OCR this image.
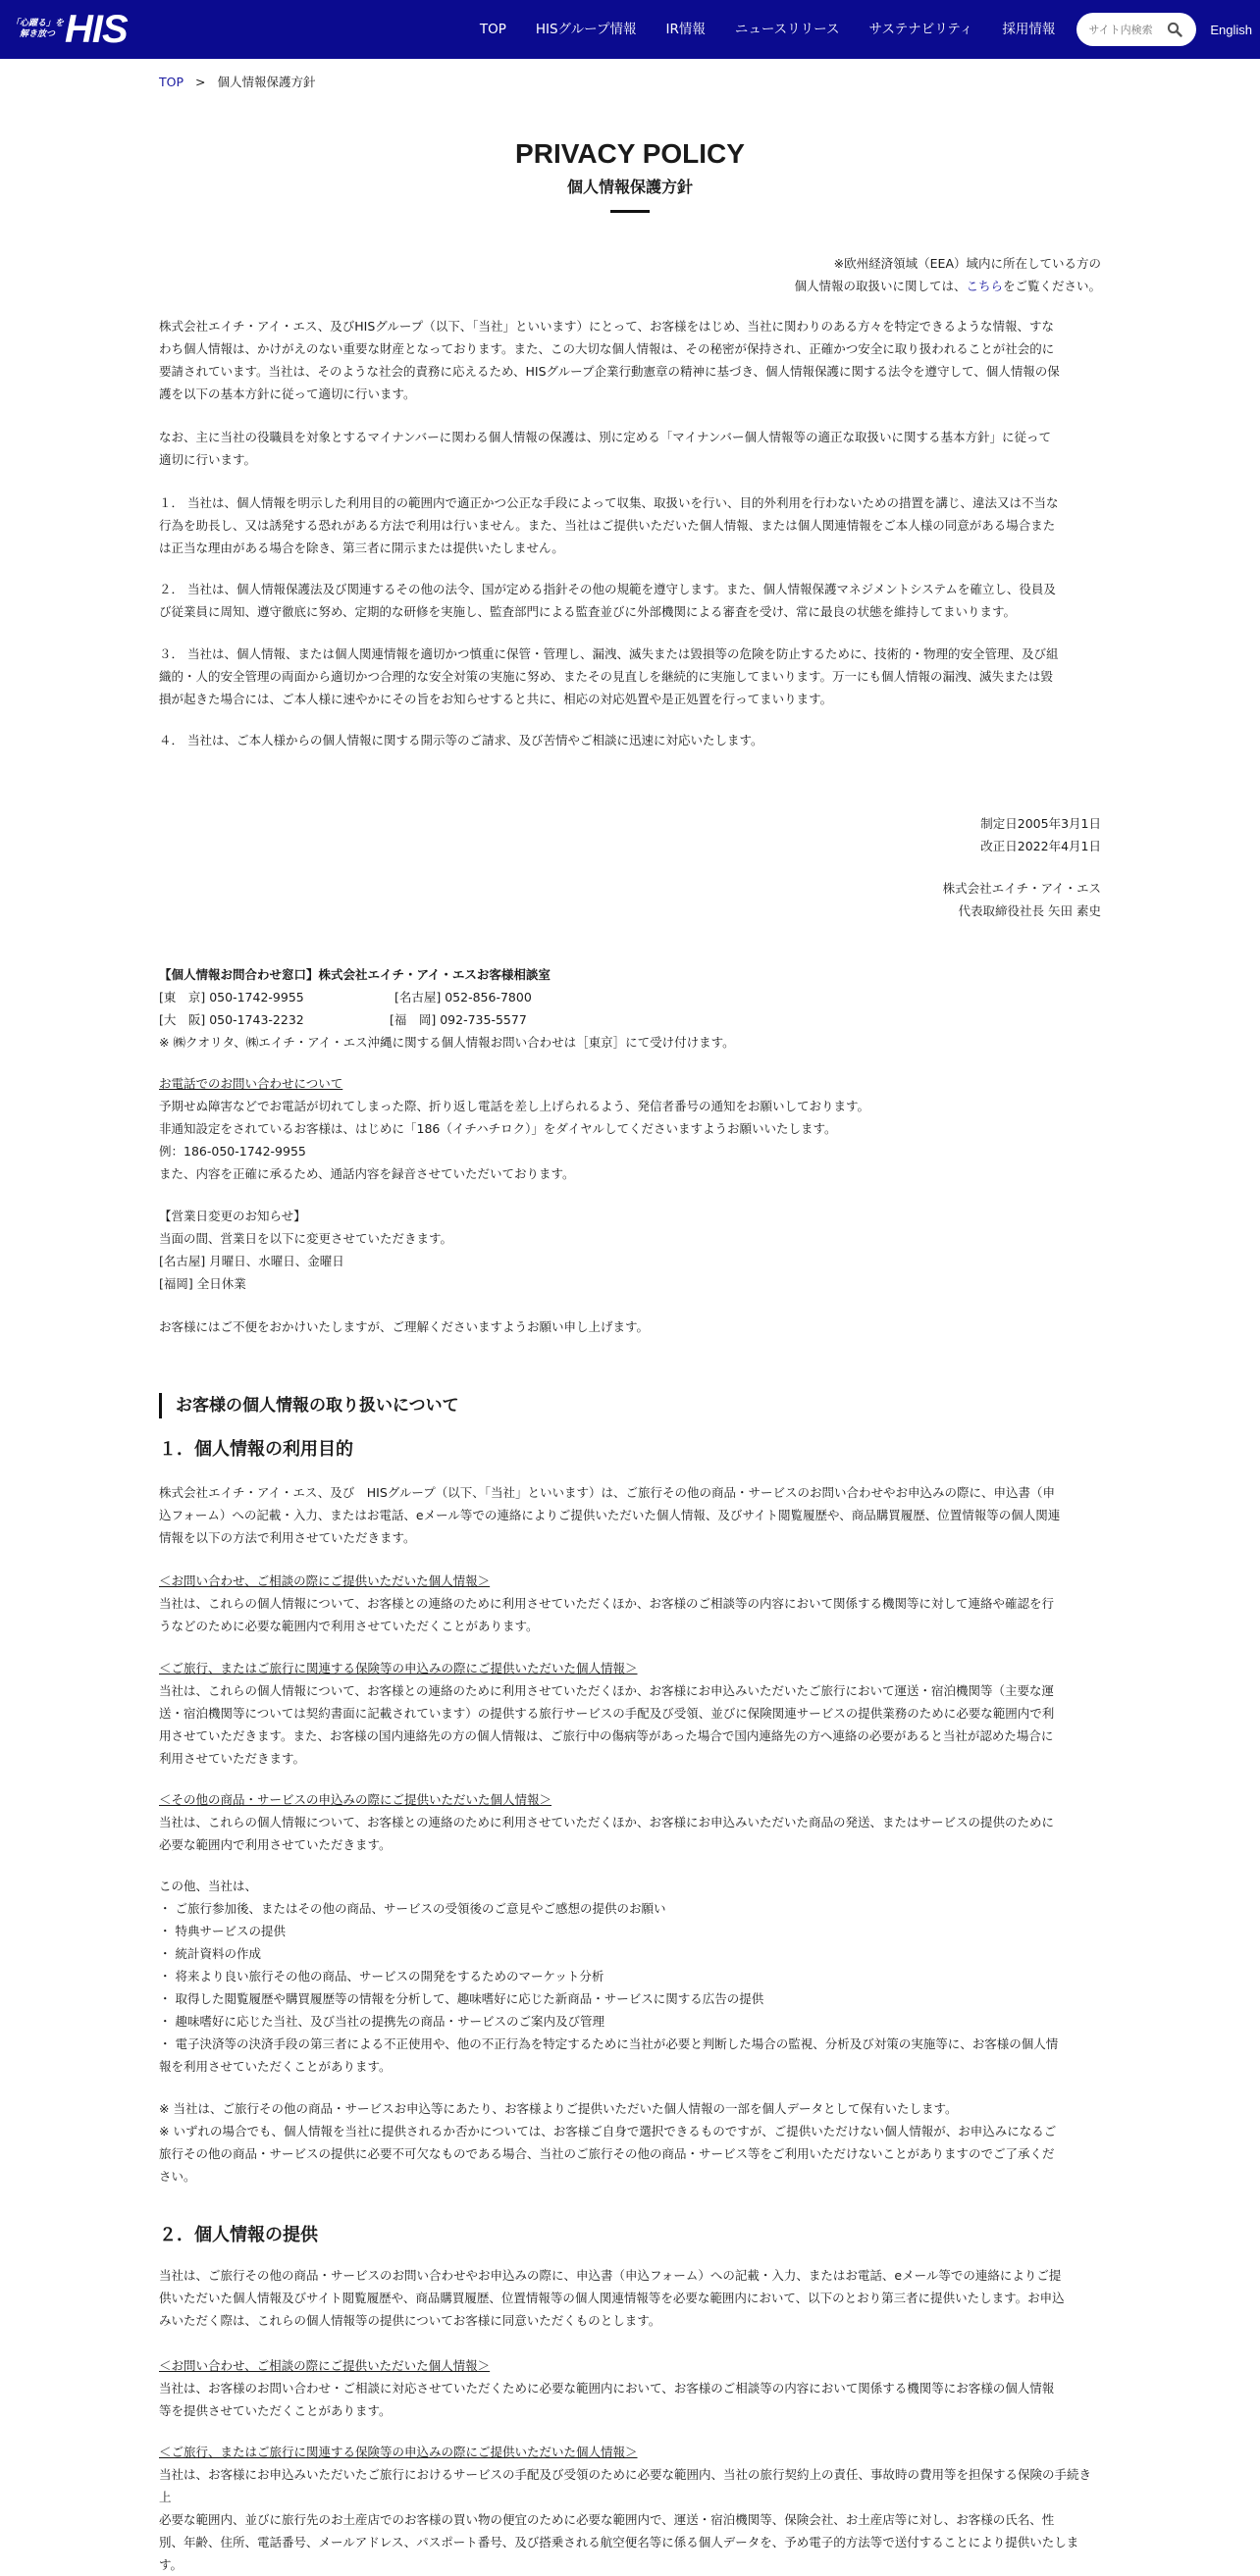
「心躍る」を
解き放つ HIS	TOP HISグループ情報 IR情報 ニュースリリース サステナビリティ 採用情報
サイト内検索	English
TOP > 個人情報保護方針
PRIVACY POLICY
個人情報保護方針
※欧州経済領域（EEA）域内に所在している方の
個人情報の取扱いに関しては、こちらをご覧ください。
株式会社エイチ・アイ・エス、及びHISグループ（以下、「当社」といいます）にとって、お客様をはじめ、当社に関わりのある方々を特定できるような情報、すな
わち個人情報は、かけがえのない重要な財産となっております。また、この大切な個人情報は、その秘密が保持され、正確かつ安全に取り扱われることが社会的に
要請されています。当社は、そのような社会的責務に応えるため、HISグループ企業行動憲章の精神に基づき、個人情報保護に関する法令を遵守して、個人情報の保
護を以下の基本方針に従って適切に行います。
なお、主に当社の役職員を対象とするマイナンバーに関わる個人情報の保護は、別に定める「マイナンバー個人情報等の適正な取扱いに関する基本方針」に従って
適切に行います。
１． 当社は、個人情報を明示した利用目的の範囲内で適正かつ公正な手段によって収集、取扱いを行い、目的外利用を行わないための措置を講じ、違法又は不当な
行為を助長し、又は誘発する恐れがある方法で利用は行いません。また、当社はご提供いただいた個人情報、または個人関連情報をご本人様の同意がある場合また
は正当な理由がある場合を除き、第三者に開示または提供いたしません。
２． 当社は、個人情報保護法及び関連するその他の法令、国が定める指針その他の規範を遵守します。また、個人情報保護マネジメントシステムを確立し、役員及
び従業員に周知、遵守徹底に努め、定期的な研修を実施し、監査部門による監査並びに外部機関による審査を受け、常に最良の状態を維持してまいります。
３． 当社は、個人情報、または個人関連情報を適切かつ慎重に保管・管理し、漏洩、滅失または毀損等の危険を防止するために、技術的・物理的安全管理、及び組
織的・人的安全管理の両面から適切かつ合理的な安全対策の実施に努め、またその見直しを継続的に実施してまいります。万一にも個人情報の漏洩、滅失または毀
損が起きた場合には、ご本人様に速やかにその旨をお知らせすると共に、相応の対応処置や是正処置を行ってまいります。
４． 当社は、ご本人様からの個人情報に関する開示等のご請求、及び苦情やご相談に迅速に対応いたします。
制定日2005年3月1日
改正日2022年4月1日
株式会社エイチ・アイ・エス
代表取締役社長 矢田 素史
【個人情報お問合わせ窓口】株式会社エイチ・アイ・エスお客様相談室
[東　京] 050-1742-9955	[名古屋] 052-856-7800
[大　阪] 050-1743-2232	[福　岡] 092-735-5577
※ ㈱クオリタ、㈱エイチ・アイ・エス沖縄に関する個人情報お問い合わせは［東京］にて受け付けます。
お電話でのお問い合わせについて
予期せぬ障害などでお電話が切れてしまった際、折り返し電話を差し上げられるよう、発信者番号の通知をお願いしております。
非通知設定をされているお客様は、はじめに「186（イチハチロク）」をダイヤルしてくださいますようお願いいたします。
例：186-050-1742-9955
また、内容を正確に承るため、通話内容を録音させていただいております。
【営業日変更のお知らせ】
当面の間、営業日を以下に変更させていただきます。
[名古屋] 月曜日、水曜日、金曜日
[福岡] 全日休業
お客様にはご不便をおかけいたしますが、ご理解くださいますようお願い申し上げます。
お客様の個人情報の取り扱いについて
１．個人情報の利用目的
株式会社エイチ・アイ・エス、及び　HISグループ（以下、「当社」といいます）は、ご旅行その他の商品・サービスのお問い合わせやお申込みの際に、申込書（申
込フォーム）への記載・入力、またはお電話、eメール等での連絡によりご提供いただいた個人情報、及びサイト閲覧履歴や、商品購買履歴、位置情報等の個人関連
情報を以下の方法で利用させていただきます。
＜お問い合わせ、ご相談の際にご提供いただいた個人情報＞
当社は、これらの個人情報について、お客様との連絡のために利用させていただくほか、お客様のご相談等の内容において関係する機関等に対して連絡や確認を行
うなどのために必要な範囲内で利用させていただくことがあります。
＜ご旅行、またはご旅行に関連する保険等の申込みの際にご提供いただいた個人情報＞
当社は、これらの個人情報について、お客様との連絡のために利用させていただくほか、お客様にお申込みいただいたご旅行において運送・宿泊機関等（主要な運
送・宿泊機関等については契約書面に記載されています）の提供する旅行サービスの手配及び受領、並びに保険関連サービスの提供業務のために必要な範囲内で利
用させていただきます。また、お客様の国内連絡先の方の個人情報は、ご旅行中の傷病等があった場合で国内連絡先の方へ連絡の必要があると当社が認めた場合に
利用させていただきます。
＜その他の商品・サービスの申込みの際にご提供いただいた個人情報＞
当社は、これらの個人情報について、お客様との連絡のために利用させていただくほか、お客様にお申込みいただいた商品の発送、またはサービスの提供のために
必要な範囲内で利用させていただきます。
この他、当社は、
・ ご旅行参加後、またはその他の商品、サービスの受領後のご意見やご感想の提供のお願い
・ 特典サービスの提供
・ 統計資料の作成
・ 将来より良い旅行その他の商品、サービスの開発をするためのマーケット分析
・ 取得した閲覧履歴や購買履歴等の情報を分析して、趣味嗜好に応じた新商品・サービスに関する広告の提供
・ 趣味嗜好に応じた当社、及び当社の提携先の商品・サービスのご案内及び管理
・ 電子決済等の決済手段の第三者による不正使用や、他の不正行為を特定するために当社が必要と判断した場合の監視、分析及び対策の実施等に、お客様の個人情
報を利用させていただくことがあります。
※ 当社は、ご旅行その他の商品・サービスお申込等にあたり、お客様よりご提供いただいた個人情報の一部を個人データとして保有いたします。
※ いずれの場合でも、個人情報を当社に提供されるか否かについては、お客様ご自身で選択できるものですが、ご提供いただけない個人情報が、お申込みになるご
旅行その他の商品・サービスの提供に必要不可欠なものである場合、当社のご旅行その他の商品・サービス等をご利用いただけないことがありますのでご了承くだ
さい。
２．個人情報の提供
当社は、ご旅行その他の商品・サービスのお問い合わせやお申込みの際に、申込書（申込フォーム）への記載・入力、またはお電話、eメール等での連絡によりご提
供いただいた個人情報及びサイト閲覧履歴や、商品購買履歴、位置情報等の個人関連情報等を必要な範囲内において、以下のとおり第三者に提供いたします。お申込
みいただく際は、これらの個人情報等の提供についてお客様に同意いただくものとします。
＜お問い合わせ、ご相談の際にご提供いただいた個人情報＞
当社は、お客様のお問い合わせ・ご相談に対応させていただくために必要な範囲内において、お客様のご相談等の内容において関係する機関等にお客様の個人情報
等を提供させていただくことがあります。
＜ご旅行、またはご旅行に関連する保険等の申込みの際にご提供いただいた個人情報＞
当社は、お客様にお申込みいただいたご旅行におけるサービスの手配及び受領のために必要な範囲内、当社の旅行契約上の責任、事故時の費用等を担保する保険の手続き上
必要な範囲内、並びに旅行先のお土産店でのお客様の買い物の便宜のために必要な範囲内で、運送・宿泊機関等、保険会社、お土産店等に対し、お客様の氏名、性
別、年齢、住所、電話番号、メールアドレス、パスポート番号、及び搭乗される航空便名等に係る個人データを、予め電子的方法等で送付することにより提供いたします。
